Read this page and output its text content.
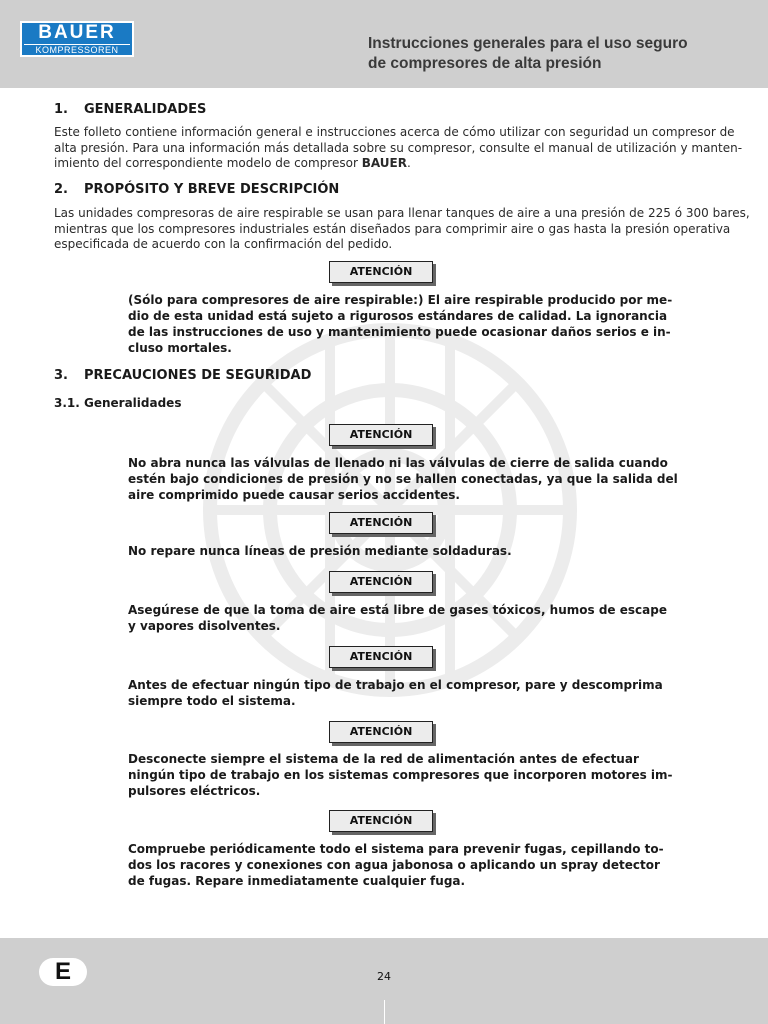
BAUER
KOMPRESSOREN	Instrucciones generales para el uso seguro
de compresores de alta presión
1. GENERALIDADES
Este folleto contiene información general e instrucciones acerca de cómo utilizar con seguridad un compresor de
alta presión. Para una información más detallada sobre su compresor, consulte el manual de utilización y manten-
imiento del correspondiente modelo de compresor BAUER.
2. PROPÓSITO Y BREVE DESCRIPCIÓN
Las unidades compresoras de aire respirable se usan para llenar tanques de aire a una presión de 225 ó 300 bares,
mientras que los compresores industriales están diseñados para comprimir aire o gas hasta la presión operativa
especificada de acuerdo con la confirmación del pedido.
ATENCIÓN
(Sólo para compresores de aire respirable:) El aire respirable producido por me-
dio de esta unidad está sujeto a rigurosos estándares de calidad. La ignorancia
de las instrucciones de uso y mantenimiento puede ocasionar daños serios e in-
cluso mortales.
3. PRECAUCIONES DE SEGURIDAD
3.1. Generalidades
ATENCIÓN
No abra nunca las válvulas de llenado ni las válvulas de cierre de salida cuando
estén bajo condiciones de presión y no se hallen conectadas, ya que la salida del
aire comprimido puede causar serios accidentes.
ATENCIÓN
No repare nunca líneas de presión mediante soldaduras.
ATENCIÓN
Asegúrese de que la toma de aire está libre de gases tóxicos, humos de escape
y vapores disolventes.
ATENCIÓN
Antes de efectuar ningún tipo de trabajo en el compresor, pare y descomprima
siempre todo el sistema.
ATENCIÓN
Desconecte siempre el sistema de la red de alimentación antes de efectuar
ningún tipo de trabajo en los sistemas compresores que incorporen motores im-
pulsores eléctricos.
ATENCIÓN
Compruebe periódicamente todo el sistema para prevenir fugas, cepillando to-
dos los racores y conexiones con agua jabonosa o aplicando un spray detector
de fugas. Repare inmediatamente cualquier fuga.
E	24
